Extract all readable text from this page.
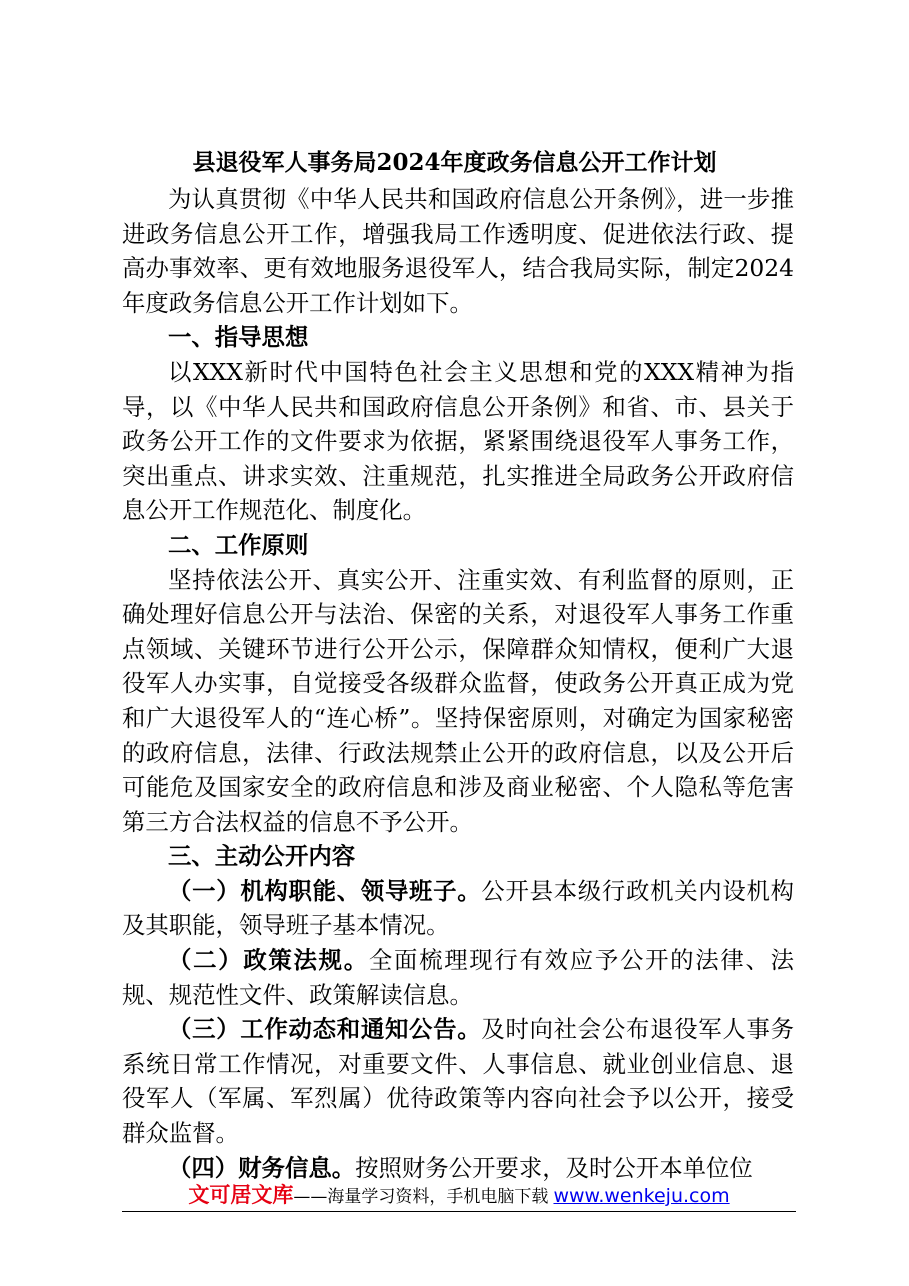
县退役军人事务局2024年度政务信息公开工作计划

为认真贯彻《中华人民共和国政府信息公开条例》，进一步推进政务信息公开工作，增强我局工作透明度、促进依法行政、提高办事效率、更有效地服务退役军人，结合我局实际，制定2024年度政务信息公开工作计划如下。

一、指导思想

以XXX新时代中国特色社会主义思想和党的XXX精神为指导，以《中华人民共和国政府信息公开条例》和省、市、县关于政务公开工作的文件要求为依据，紧紧围绕退役军人事务工作，突出重点、讲求实效、注重规范，扎实推进全局政务公开政府信息公开工作规范化、制度化。

二、工作原则

坚持依法公开、真实公开、注重实效、有利监督的原则，正确处理好信息公开与法治、保密的关系，对退役军人事务工作重点领域、关键环节进行公开公示，保障群众知情权，便利广大退役军人办实事，自觉接受各级群众监督，使政务公开真正成为党和广大退役军人的“连心桥”。坚持保密原则，对确定为国家秘密的政府信息，法律、行政法规禁止公开的政府信息，以及公开后可能危及国家安全的政府信息和涉及商业秘密、个人隐私等危害第三方合法权益的信息不予公开。

三、主动公开内容

（一）机构职能、领导班子。公开县本级行政机关内设机构及其职能，领导班子基本情况。

（二）政策法规。全面梳理现行有效应予公开的法律、法规、规范性文件、政策解读信息。

（三）工作动态和通知公告。及时向社会公布退役军人事务系统日常工作情况，对重要文件、人事信息、就业创业信息、退役军人（军属、军烈属）优待政策等内容向社会予以公开，接受群众监督。

（四）财务信息。按照财务公开要求，及时公开本单位位

文可居文库——海量学习资料，手机电脑下载 www.wenkeju.com
